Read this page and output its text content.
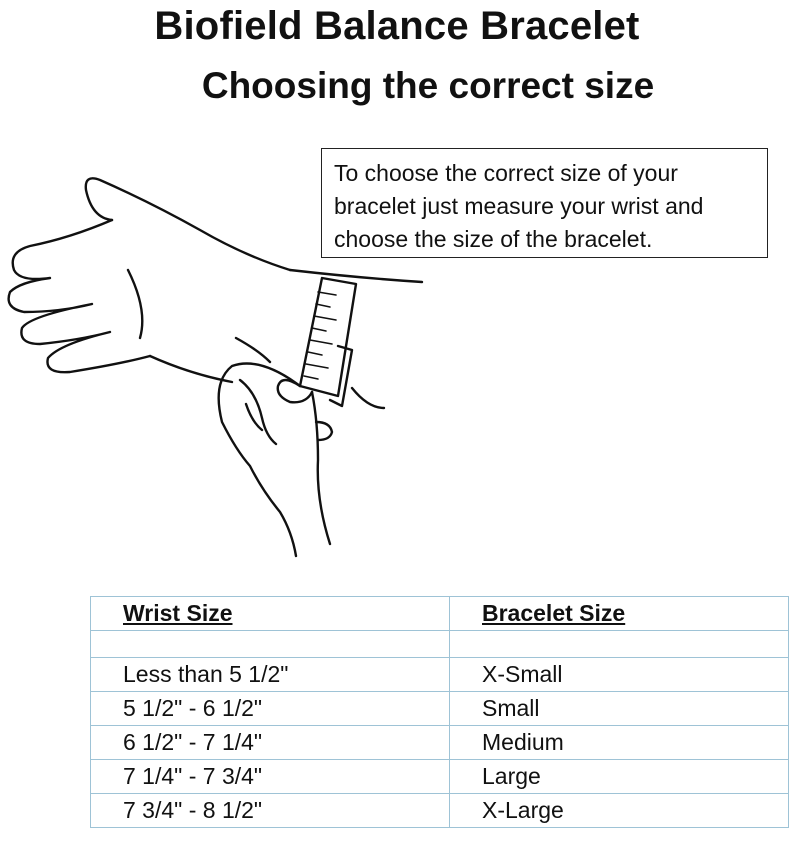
Biofield Balance Bracelet
Choosing the correct size
To choose the correct size of your bracelet just measure your wrist and choose the size of the bracelet.
Wrist Size	Bracelet Size

Less than 5 1/2"	X-Small
5 1/2" - 6 1/2"	Small
6 1/2" - 7 1/4"	Medium
7 1/4" - 7 3/4"	Large
7 3/4" - 8 1/2"	X-Large
